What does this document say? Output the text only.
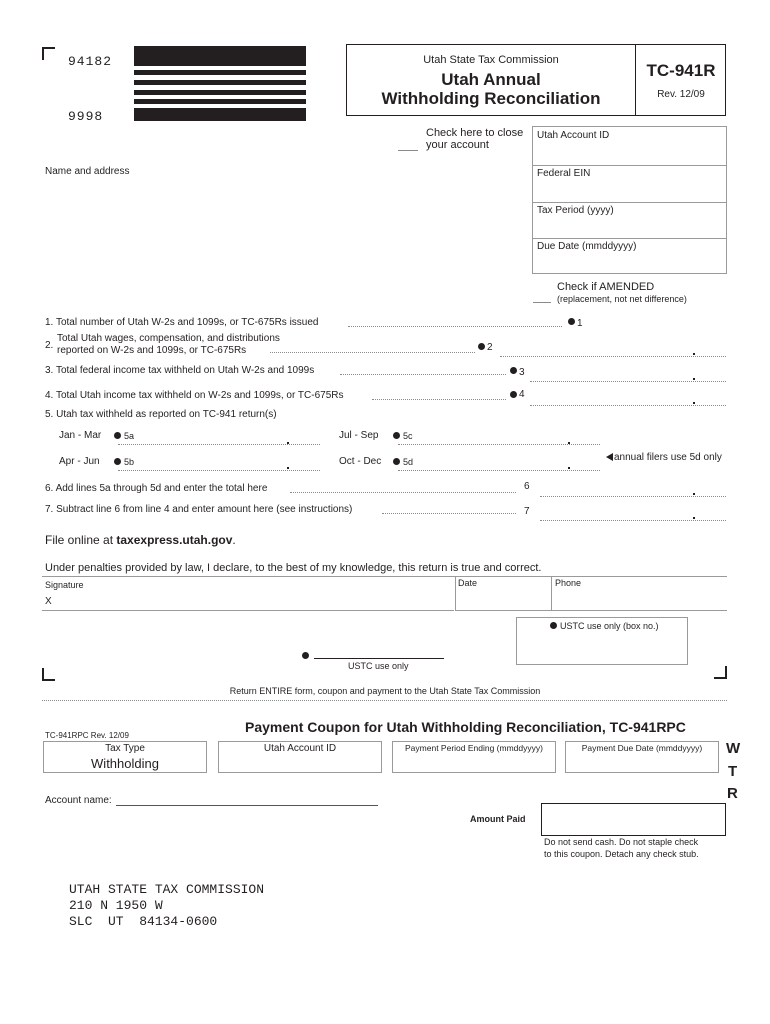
94182
9998
Utah State Tax Commission
Utah Annual
Withholding Reconciliation
TC-941R
Rev. 12/09
Check here to close
your account
Name and address
Utah Account ID
Federal EIN
Tax Period (yyyy)
Due Date (mmddyyyy)
Check if AMENDED
(replacement, not net difference)
1. Total number of Utah W-2s and 1099s, or TC-675Rs issued	1
2.
Total Utah wages, compensation, and distributions
reported on W-2s and 1099s, or TC-675Rs	2
3. Total federal income tax withheld on Utah W-2s and 1099s	3
4. Total Utah income tax withheld on W-2s and 1099s, or TC-675Rs	4
5. Utah tax withheld as reported on TC-941 return(s)
Jan - Mar	5a	Jul - Sep	5c
Apr - Jun	5b	Oct - Dec 5d	annual filers use 5d only
6. Add lines 5a through 5d and enter the total here	6
7. Subtract line 6 from line 4 and enter amount here (see instructions)	7
File online at taxexpress.utah.gov.
Under penalties provided by law, I declare, to the best of my knowledge, this return is true and correct.
Signature
X
Date	Phone
USTC use only (box no.)
USTC use only
Return ENTIRE form, coupon and payment to the Utah State Tax Commission
Payment Coupon for Utah Withholding Reconciliation, TC-941RPC
TC-941RPC Rev. 12/09
Tax Type
Withholding
Utah Account ID	Payment Period Ending (mmddyyyy)	Payment Due Date (mmddyyyy)	W
T
R
Account name:
Amount Paid
Do not send cash. Do not staple check
to this coupon. Detach any check stub.
UTAH STATE TAX COMMISSION
210 N 1950 W
SLC  UT  84134-0600
